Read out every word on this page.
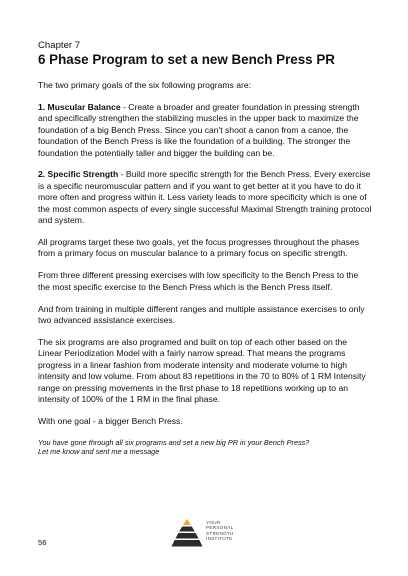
Chapter 7
6 Phase Program to set a new Bench Press PR

The two primary goals of the six following programs are:

1. Muscular Balance - Create a broader and greater foundation in pressing strength and specifically strengthen the stabilizing muscles in the upper back to maximize the foundation of a big Bench Press. Since you can't shoot a canon from a canoe, the foundation of the Bench Press is like the foundation of a building. The stronger the foundation the potentially taller and bigger the building can be.

2. Specific Strength - Build more specific strength for the Bench Press. Every exercise is a specific neuromuscular pattern and if you want to get better at it you have to do it more often and progress within it. Less variety leads to more specificity which is one of the most common aspects of every single successful Maximal Strength training protocol and system.

All programs target these two goals, yet the focus progresses throughout the phases from a primary focus on muscular balance to a primary focus on specific strength.

From three different pressing exercises with low specificity to the Bench Press to the the most specific exercise to the Bench Press which is the Bench Press itself.

And from training in multiple different ranges and multiple assistance exercises to only two advanced assistance exercises.

The six programs are also programed and built on top of each other based on the Linear Periodization Model with a fairly narrow spread. That means the programs progress in a linear fashion from moderate intensity and moderate volume to high intensity and low volume. From about 83 repetitions in the 70 to 80% of 1 RM Intensity range on pressing movements in the first phase to 18 repetitions working up to an intensity of 100% of the 1 RM in the final phase.

With one goal - a bigger Bench Press.

You have gone through all six programs and set a new big PR in your Bench Press?
Let me know and sent me a message
56
YOUR
PERSONAL
STRENGTH
INSTITUTE
